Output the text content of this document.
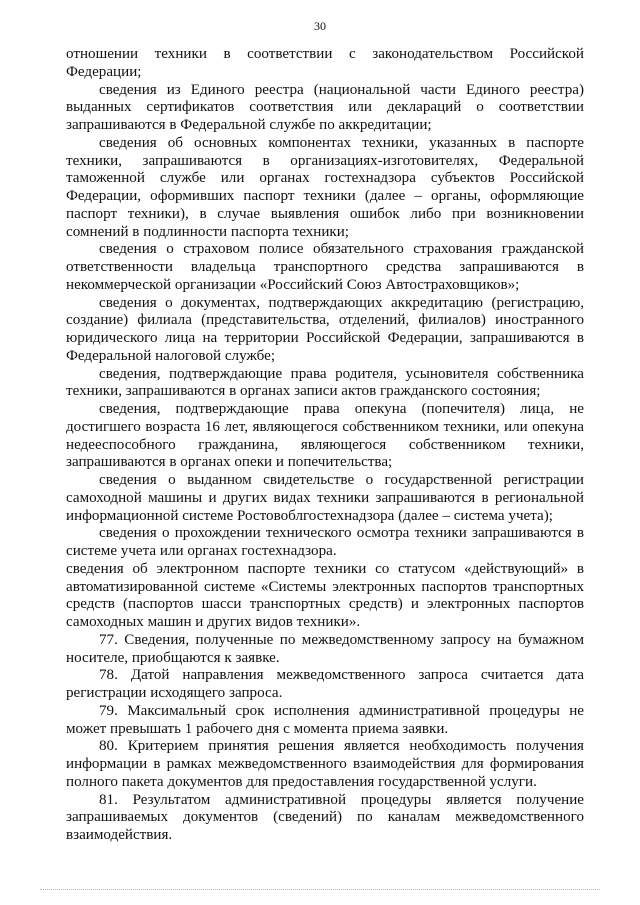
30

отношении техники в соответствии с законодательством Российской Федерации;

сведения из Единого реестра (национальной части Единого реестра) выданных сертификатов соответствия или деклараций о соответствии запрашиваются в Федеральной службе по аккредитации;

сведения об основных компонентах техники, указанных в паспорте техники, запрашиваются в организациях-изготовителях, Федеральной таможенной службе или органах гостехнадзора субъектов Российской Федерации, оформивших паспорт техники (далее – органы, оформляющие паспорт техники), в случае выявления ошибок либо при возникновении сомнений в подлинности паспорта техники;

сведения о страховом полисе обязательного страхования гражданской ответственности владельца транспортного средства запрашиваются в некоммерческой организации «Российский Союз Автостраховщиков»;

сведения о документах, подтверждающих аккредитацию (регистрацию, создание) филиала (представительства, отделений, филиалов) иностранного юридического лица на территории Российской Федерации, запрашиваются в Федеральной налоговой службе;

сведения, подтверждающие права родителя, усыновителя собственника техники, запрашиваются в органах записи актов гражданского состояния;

сведения, подтверждающие права опекуна (попечителя) лица, не достигшего возраста 16 лет, являющегося собственником техники, или опекуна недееспособного гражданина, являющегося собственником техники, запрашиваются в органах опеки и попечительства;

сведения о выданном свидетельстве о государственной регистрации самоходной машины и других видах техники запрашиваются в региональной информационной системе Ростовоблгостехнадзора (далее – система учета);

сведения о прохождении технического осмотра техники запрашиваются в системе учета или органах гостехнадзора.

сведения об электронном паспорте техники со статусом «действующий» в автоматизированной системе «Системы электронных паспортов транспортных средств (паспортов шасси транспортных средств) и электронных паспортов самоходных машин и других видов техники».

77. Сведения, полученные по межведомственному запросу на бумажном носителе, приобщаются к заявке.

78. Датой направления межведомственного запроса считается дата регистрации исходящего запроса.

79. Максимальный срок исполнения административной процедуры не может превышать 1 рабочего дня с момента приема заявки.

80. Критерием принятия решения является необходимость получения информации в рамках межведомственного взаимодействия для формирования полного пакета документов для предоставления государственной услуги.

81. Результатом административной процедуры является получение запрашиваемых документов (сведений) по каналам межведомственного взаимодействия.
